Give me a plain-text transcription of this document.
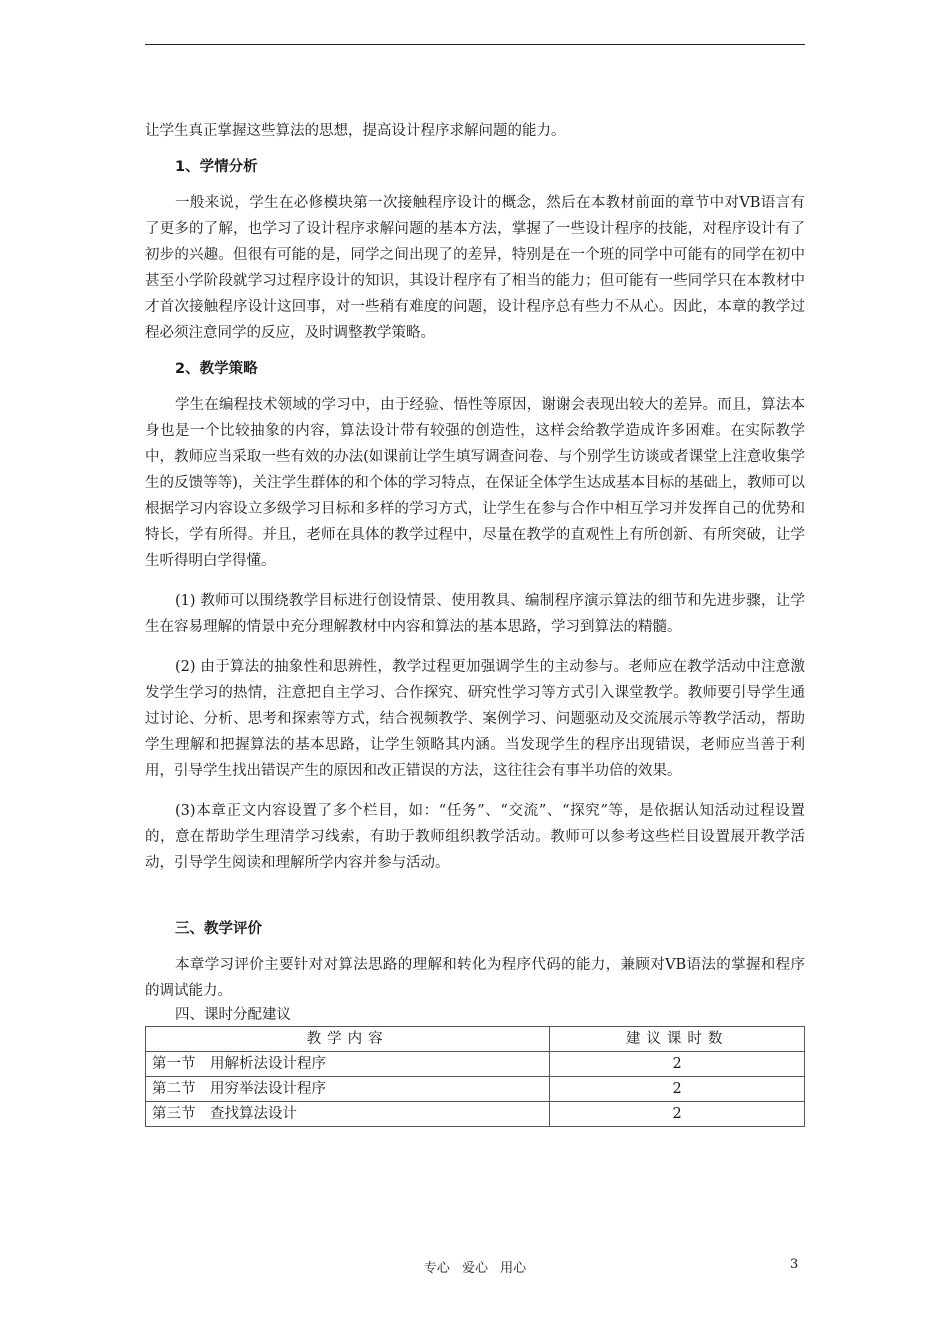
让学生真正掌握这些算法的思想，提高设计程序求解问题的能力。

1、学情分析

一般来说，学生在必修模块第一次接触程序设计的概念，然后在本教材前面的章节中对VB语言有了更多的了解，也学习了设计程序求解问题的基本方法，掌握了一些设计程序的技能，对程序设计有了初步的兴趣。但很有可能的是，同学之间出现了的差异，特别是在一个班的同学中可能有的同学在初中甚至小学阶段就学习过程序设计的知识，其设计程序有了相当的能力；但可能有一些同学只在本教材中才首次接触程序设计这回事，对一些稍有难度的问题，设计程序总有些力不从心。因此，本章的教学过程必须注意同学的反应，及时调整教学策略。

2、教学策略

学生在编程技术领域的学习中，由于经验、悟性等原因，谢谢会表现出较大的差异。而且，算法本身也是一个比较抽象的内容，算法设计带有较强的创造性，这样会给教学造成许多困难。在实际教学中，教师应当采取一些有效的办法(如课前让学生填写调查问卷、与个别学生访谈或者课堂上注意收集学生的反馈等等)，关注学生群体的和个体的学习特点，在保证全体学生达成基本目标的基础上，教师可以根据学习内容设立多级学习目标和多样的学习方式，让学生在参与合作中相互学习并发挥自己的优势和特长，学有所得。并且，老师在具体的教学过程中，尽量在教学的直观性上有所创新、有所突破，让学生听得明白学得懂。

(1) 教师可以围绕教学目标进行创设情景、使用教具、编制程序演示算法的细节和先进步骤，让学生在容易理解的情景中充分理解教材中内容和算法的基本思路，学习到算法的精髓。

(2) 由于算法的抽象性和思辨性，教学过程更加强调学生的主动参与。老师应在教学活动中注意激发学生学习的热情，注意把自主学习、合作探究、研究性学习等方式引入课堂教学。教师要引导学生通过讨论、分析、思考和探索等方式，结合视频教学、案例学习、问题驱动及交流展示等教学活动，帮助学生理解和把握算法的基本思路，让学生领略其内涵。当发现学生的程序出现错误，老师应当善于利用，引导学生找出错误产生的原因和改正错误的方法，这往往会有事半功倍的效果。

(3)本章正文内容设置了多个栏目，如：“任务”、“交流”、“探究”等，是依据认知活动过程设置的，意在帮助学生理清学习线索，有助于教师组织教学活动。教师可以参考这些栏目设置展开教学活动，引导学生阅读和理解所学内容并参与活动。

三、教学评价

本章学习评价主要针对对算法思路的理解和转化为程序代码的能力，兼顾对VB语法的掌握和程序的调试能力。

四、课时分配建议

教学内容	建议课时数
第一节　用解析法设计程序	2
第二节　用穷举法设计程序	2
第三节　查找算法设计	2
专心 爱心 用心	3
